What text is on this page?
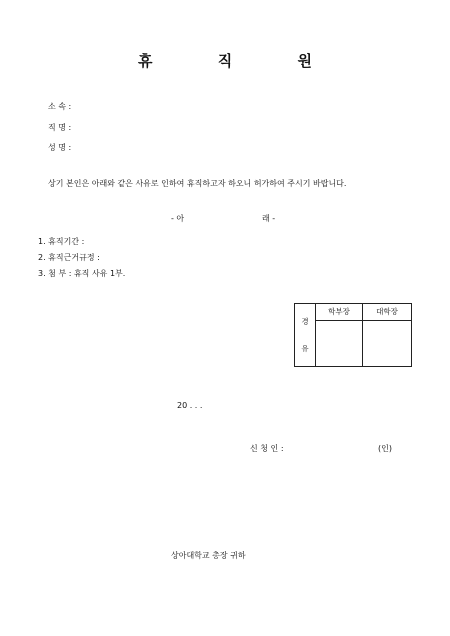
휴 직 원
소 속 :
직 명 :
성 명 :
상기 본인은 아래와 같은 사유로 인하여 휴직하고자 하오니 허가하여 주시기 바랍니다.
- 아	래 -
1. 휴직기간 :
2. 휴직근거규정 :
3. 첨 부 : 휴직 사유 1부.
학부장	대학장
경
유
20 . . .
신 청 인 :	(인)
상아대학교 총장 귀하
